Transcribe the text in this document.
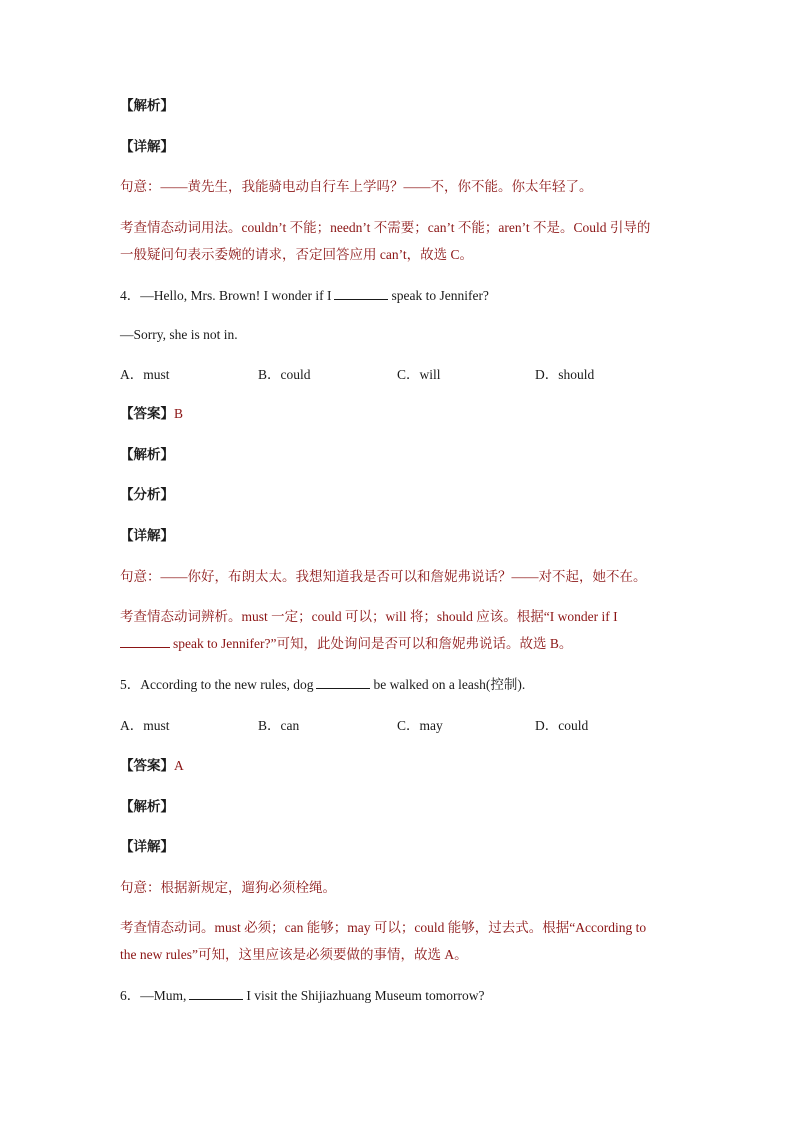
【解析】
【详解】
句意：——黄先生，我能骑电动自行车上学吗？——不，你不能。你太年轻了。
考查情态动词用法。couldn’t 不能；needn’t 不需要；can’t 不能；aren’t 不是。Could 引导的
一般疑问句表示委婉的请求，否定回答应用 can’t，故选 C。
4．—Hello, Mrs. Brown! I wonder if I	speak to Jennifer?
—Sorry, she is not in.
A．must	B．could	C．will	D．should
【答案】B
【解析】
【分析】
【详解】
句意：——你好，布朗太太。我想知道我是否可以和詹妮弗说话？——对不起，她不在。
考查情态动词辨析。must 一定；could 可以；will 将；should 应该。根据“I wonder if I
speak to Jennifer?”可知，此处询问是否可以和詹妮弗说话。故选 B。
5．According to the new rules, dog	be walked on a leash(控制).
A．must	B．can	C．may	D．could
【答案】A
【解析】
【详解】
句意：根据新规定，遛狗必须栓绳。
考查情态动词。must 必须；can 能够；may 可以；could 能够，过去式。根据“According to
the new rules”可知，这里应该是必须要做的事情，故选 A。
6．—Mum,	I visit the Shijiazhuang Museum tomorrow?
